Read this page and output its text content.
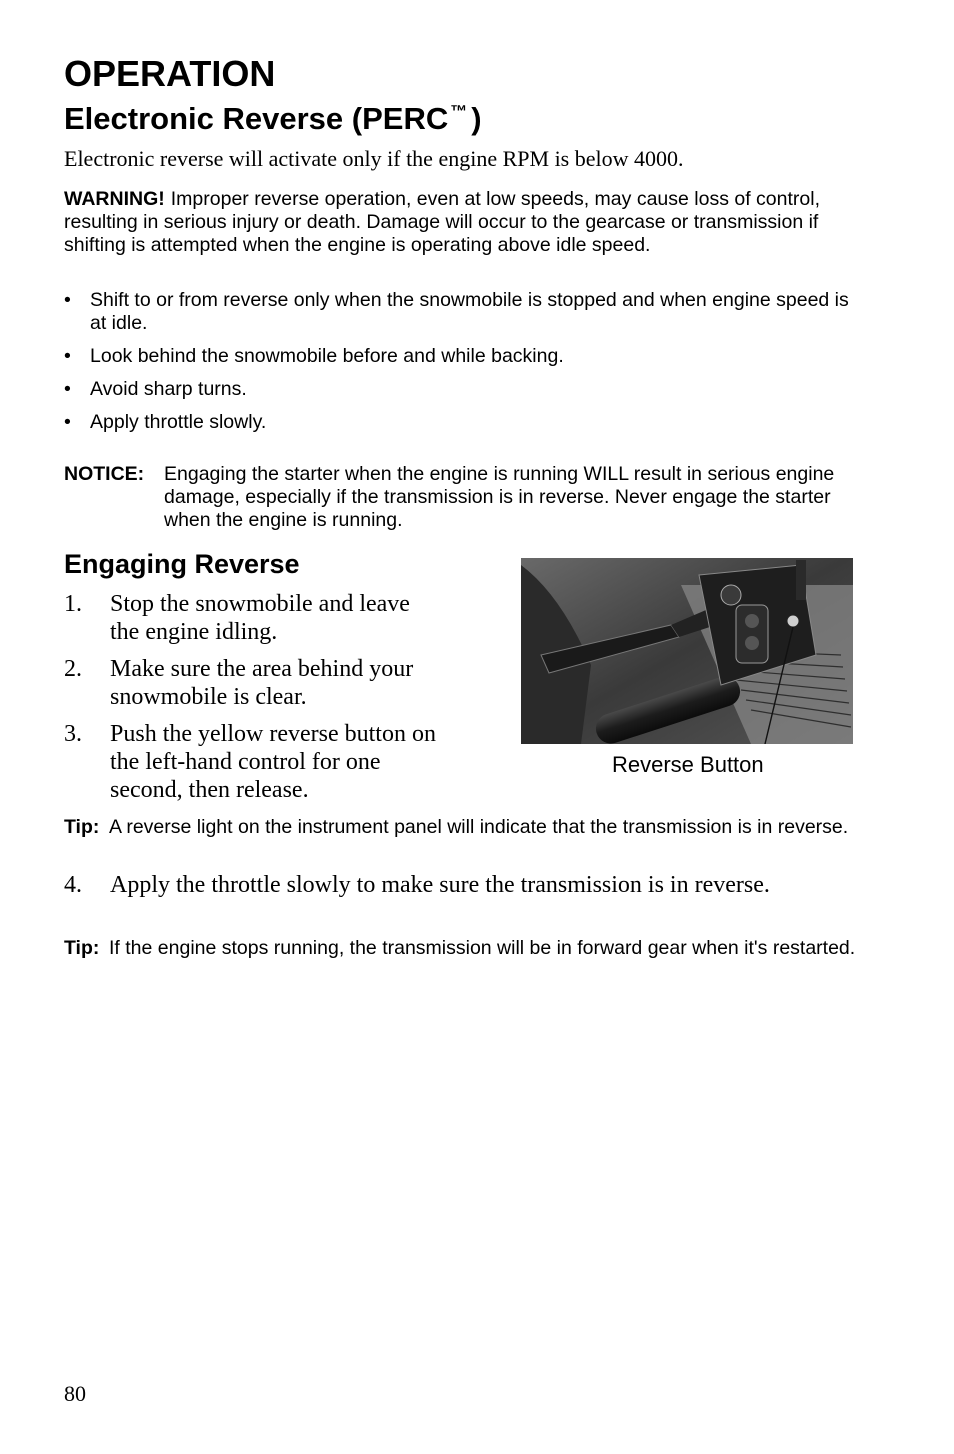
OPERATION
Electronic Reverse (PERC ™ )
Electronic reverse will activate only if the engine RPM is below 4000.
WARNING! Improper reverse operation, even at low speeds, may cause loss of control, resulting in serious injury or death. Damage will occur to the gearcase or transmission if shifting is attempted when the engine is operating above idle speed.
• Shift to or from reverse only when the snowmobile is stopped and when engine speed is at idle.
• Look behind the snowmobile before and while backing.
• Avoid sharp turns.
• Apply throttle slowly.
NOTICE: Engaging the starter when the engine is running WILL result in serious engine damage, especially if the transmission is in reverse. Never engage the starter when the engine is running.
Engaging Reverse
1. Stop the snowmobile and leave the engine idling.
2. Make sure the area behind your snowmobile is clear.
3. Push the yellow reverse button on the left-hand control for one second, then release.
Reverse Button
Tip: A reverse light on the instrument panel will indicate that the transmission is in reverse.
4. Apply the throttle slowly to make sure the transmission is in reverse.
Tip: If the engine stops running, the transmission will be in forward gear when it's restarted.
80
